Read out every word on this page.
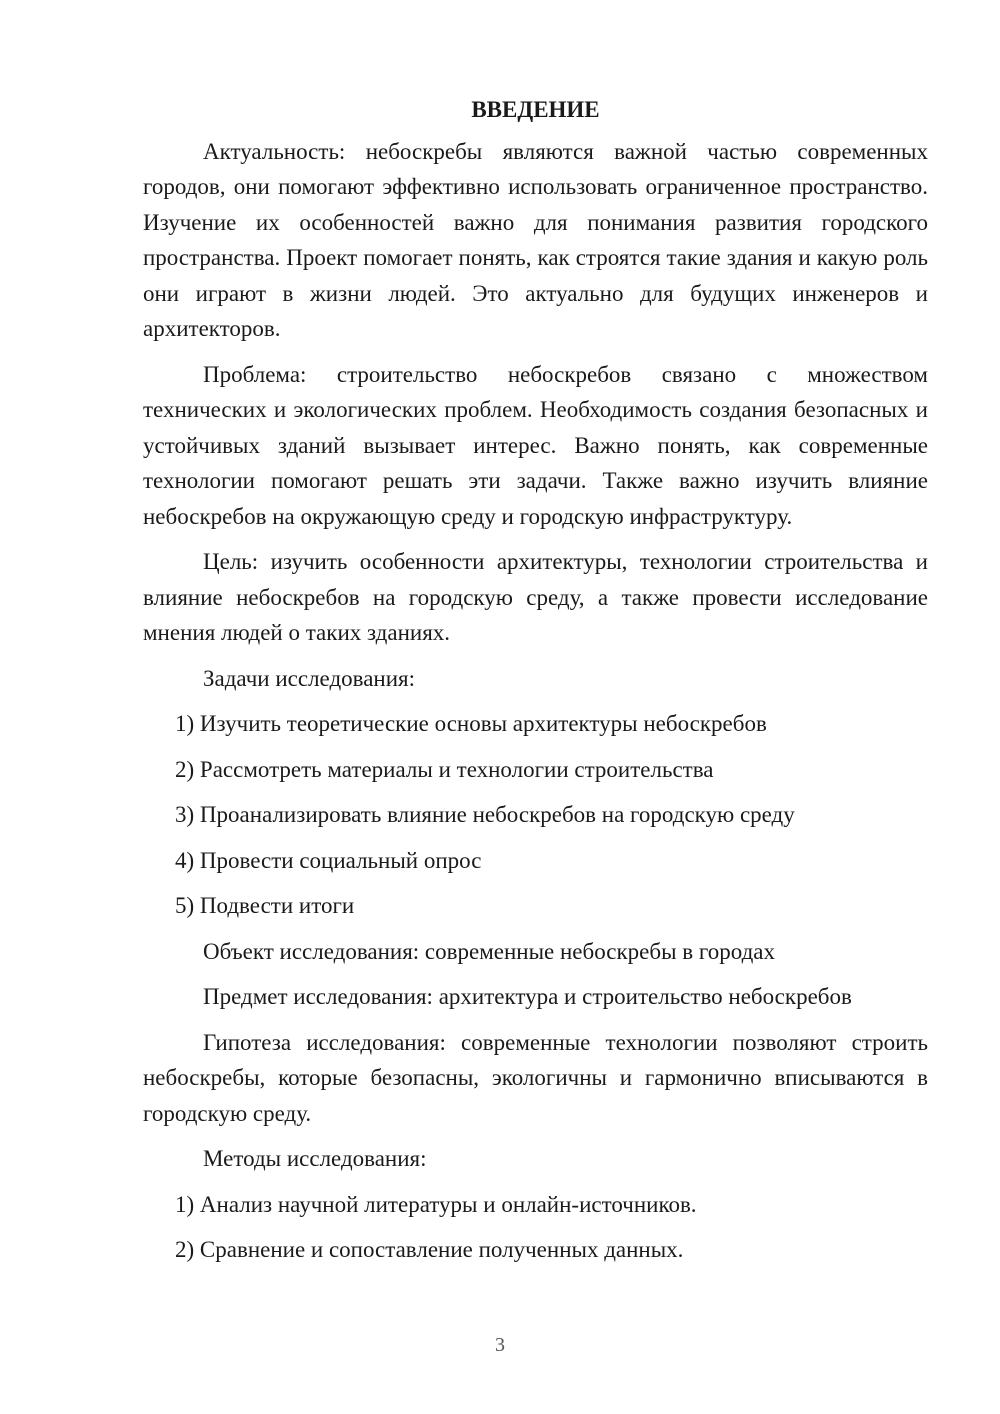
ВВЕДЕНИЕ

Актуальность: небоскребы являются важной частью современных городов, они помогают эффективно использовать ограниченное пространство. Изучение их особенностей важно для понимания развития городского пространства. Проект помогает понять, как строятся такие здания и какую роль они играют в жизни людей. Это актуально для будущих инженеров и архитекторов.

Проблема: строительство небоскребов связано с множеством технических и экологических проблем. Необходимость создания безопасных и устойчивых зданий вызывает интерес. Важно понять, как современные технологии помогают решать эти задачи. Также важно изучить влияние небоскребов на окружающую среду и городскую инфраструктуру.

Цель: изучить особенности архитектуры, технологии строительства и влияние небоскребов на городскую среду, а также провести исследование мнения людей о таких зданиях.

Задачи исследования:
1) Изучить теоретические основы архитектуры небоскребов
2) Рассмотреть материалы и технологии строительства
3) Проанализировать влияние небоскребов на городскую среду
4) Провести социальный опрос
5) Подвести итоги
Объект исследования: современные небоскребы в городах
Предмет исследования: архитектура и строительство небоскребов

Гипотеза исследования: современные технологии позволяют строить небоскребы, которые безопасны, экологичны и гармонично вписываются в городскую среду.

Методы исследования:
1) Анализ научной литературы и онлайн-источников.
2) Сравнение и сопоставление полученных данных.
3
